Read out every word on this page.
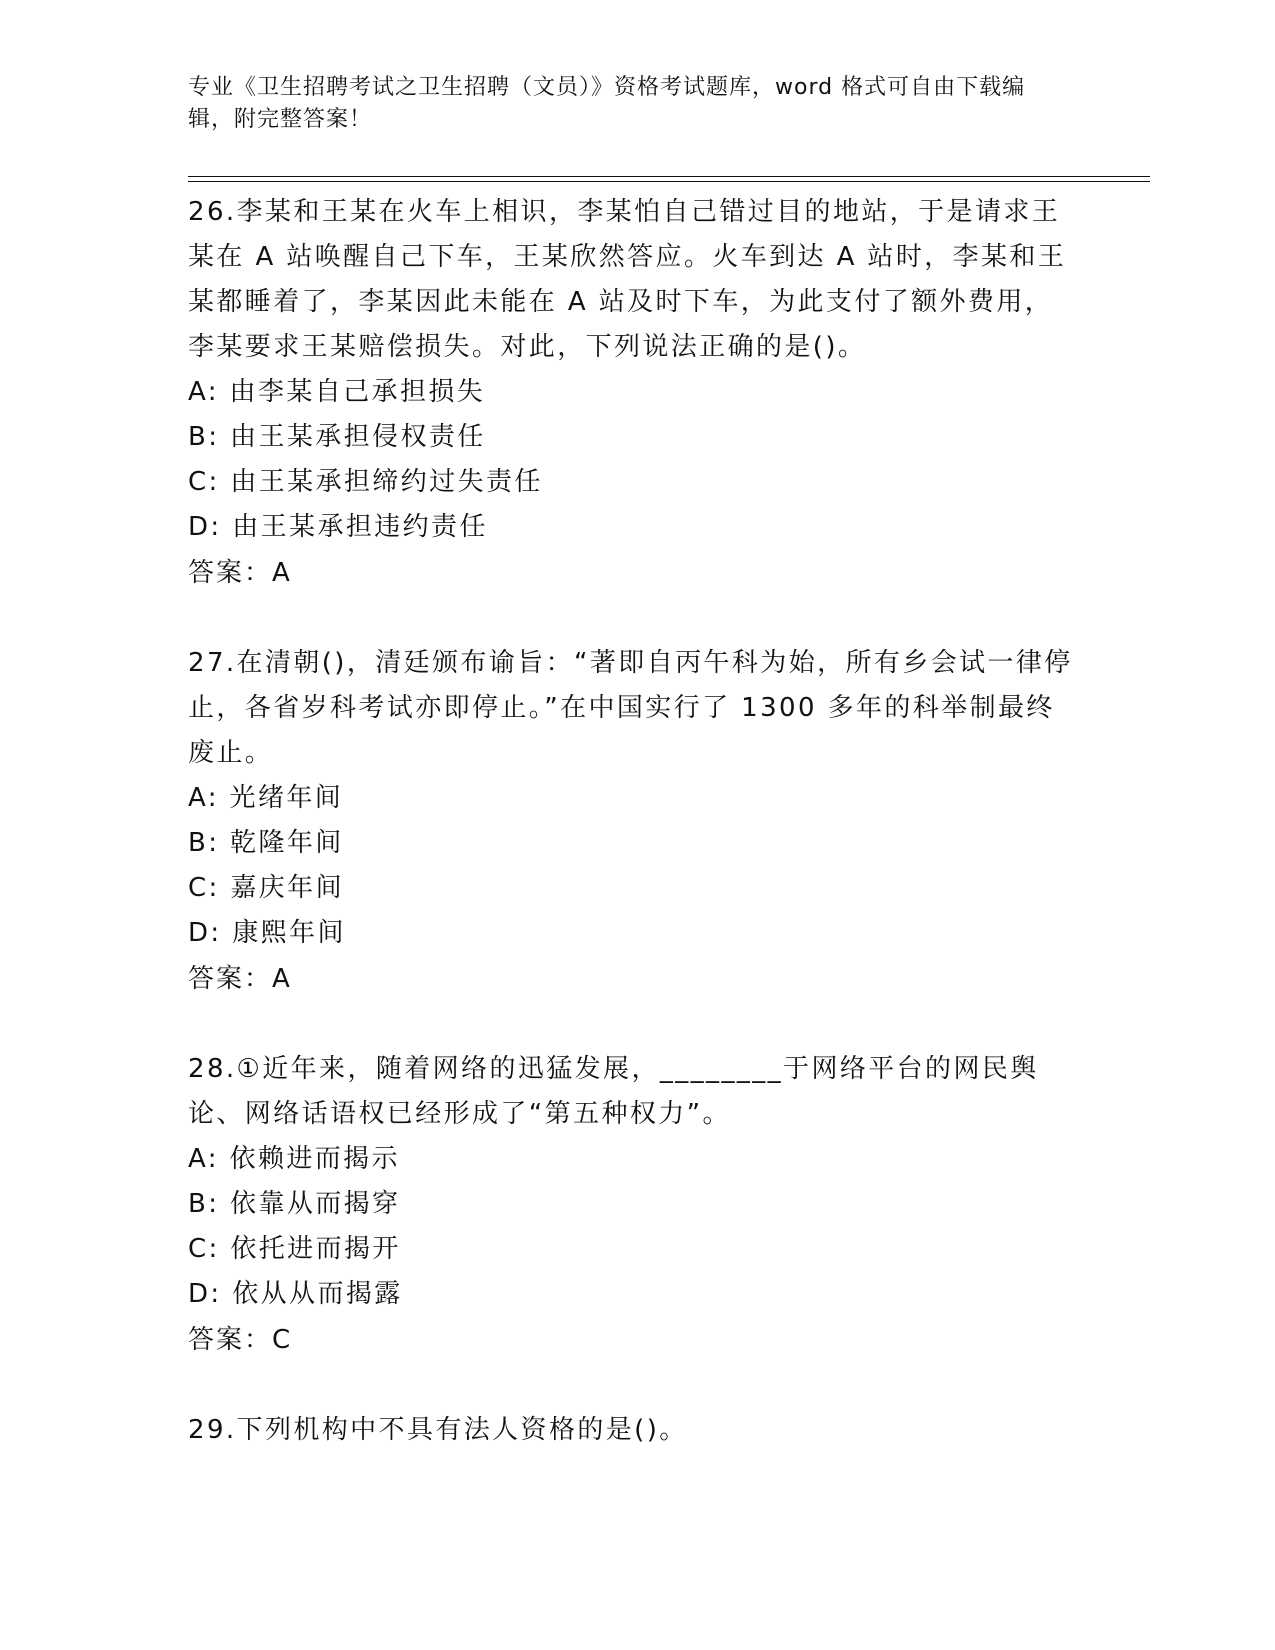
专业《卫生招聘考试之卫生招聘（文员）》资格考试题库，word 格式可自由下载编辑，附完整答案！

26.李某和王某在火车上相识，李某怕自己错过目的地站，于是请求王某在 A 站唤醒自己下车，王某欣然答应。火车到达 A 站时，李某和王某都睡着了，李某因此未能在 A 站及时下车，为此支付了额外费用，李某要求王某赔偿损失。对此，下列说法正确的是()。

A: 由李某自己承担损失

B: 由王某承担侵权责任

C: 由王某承担缔约过失责任

D: 由王某承担违约责任

答案：A

27.在清朝()，清廷颁布谕旨：“著即自丙午科为始，所有乡会试一律停止，各省岁科考试亦即停止。”在中国实行了 1300 多年的科举制最终废止。

A: 光绪年间

B: 乾隆年间

C: 嘉庆年间

D: 康熙年间

答案：A

28.①近年来，随着网络的迅猛发展，________于网络平台的网民舆论、网络话语权已经形成了“第五种权力”。

A: 依赖进而揭示

B: 依靠从而揭穿

C: 依托进而揭开

D: 依从从而揭露

答案：C

29.下列机构中不具有法人资格的是()。
